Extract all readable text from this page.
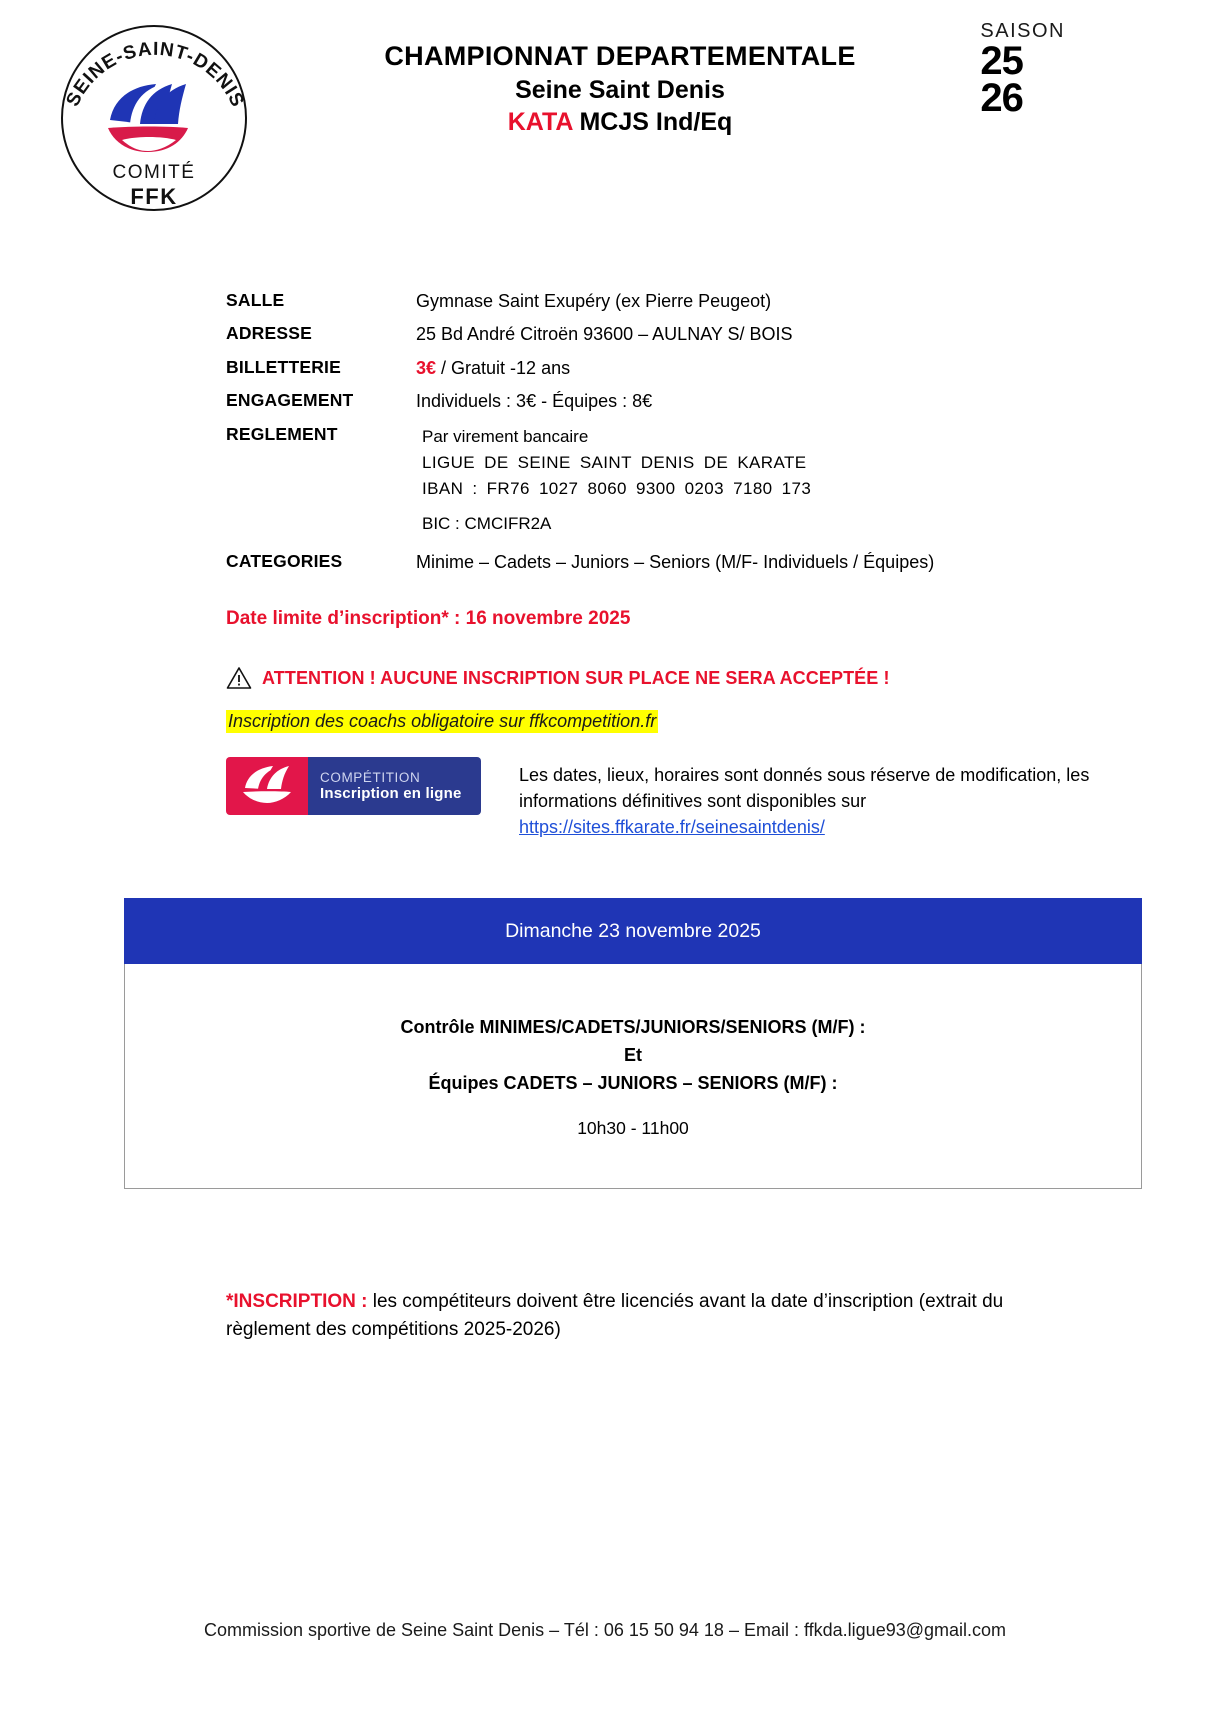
SEINE-SAINT-DENIS
COMITÉ
FFK
CHAMPIONNAT DEPARTEMENTALE
Seine Saint Denis
KATA MCJS Ind/Eq
SAISON
25
26
SALLE	Gymnase Saint Exupéry (ex Pierre Peugeot)
ADRESSE	25 Bd André Citroën 93600 – AULNAY S/ BOIS
BILLETTERIE	3€ / Gratuit -12 ans
ENGAGEMENT	Individuels : 3€ - Équipes : 8€
REGLEMENT	Par virement bancaire
LIGUE DE SEINE SAINT DENIS DE KARATE
IBAN : FR76 1027 8060 9300 0203 7180 173
BIC : CMCIFR2A
CATEGORIES	Minime – Cadets – Juniors – Seniors (M/F- Individuels / Équipes)
Date limite d’inscription* : 16 novembre 2025
ATTENTION ! AUCUNE INSCRIPTION SUR PLACE NE SERA ACCEPTÉE !
Inscription des coachs obligatoire sur ffkcompetition.fr
COMPÉTITION
Inscription en ligne
Les dates, lieux, horaires sont donnés sous réserve de modification, les informations définitives sont disponibles sur https://sites.ffkarate.fr/seinesaintdenis/
Dimanche 23 novembre 2025
Contrôle MINIMES/CADETS/JUNIORS/SENIORS (M/F) :
Et
Équipes CADETS – JUNIORS – SENIORS (M/F) :
10h30 - 11h00
*INSCRIPTION : les compétiteurs doivent être licenciés avant la date d’inscription (extrait du règlement des compétitions 2025-2026)
Commission sportive de Seine Saint Denis – Tél : 06 15 50 94 18 – Email : ffkda.ligue93@gmail.com
